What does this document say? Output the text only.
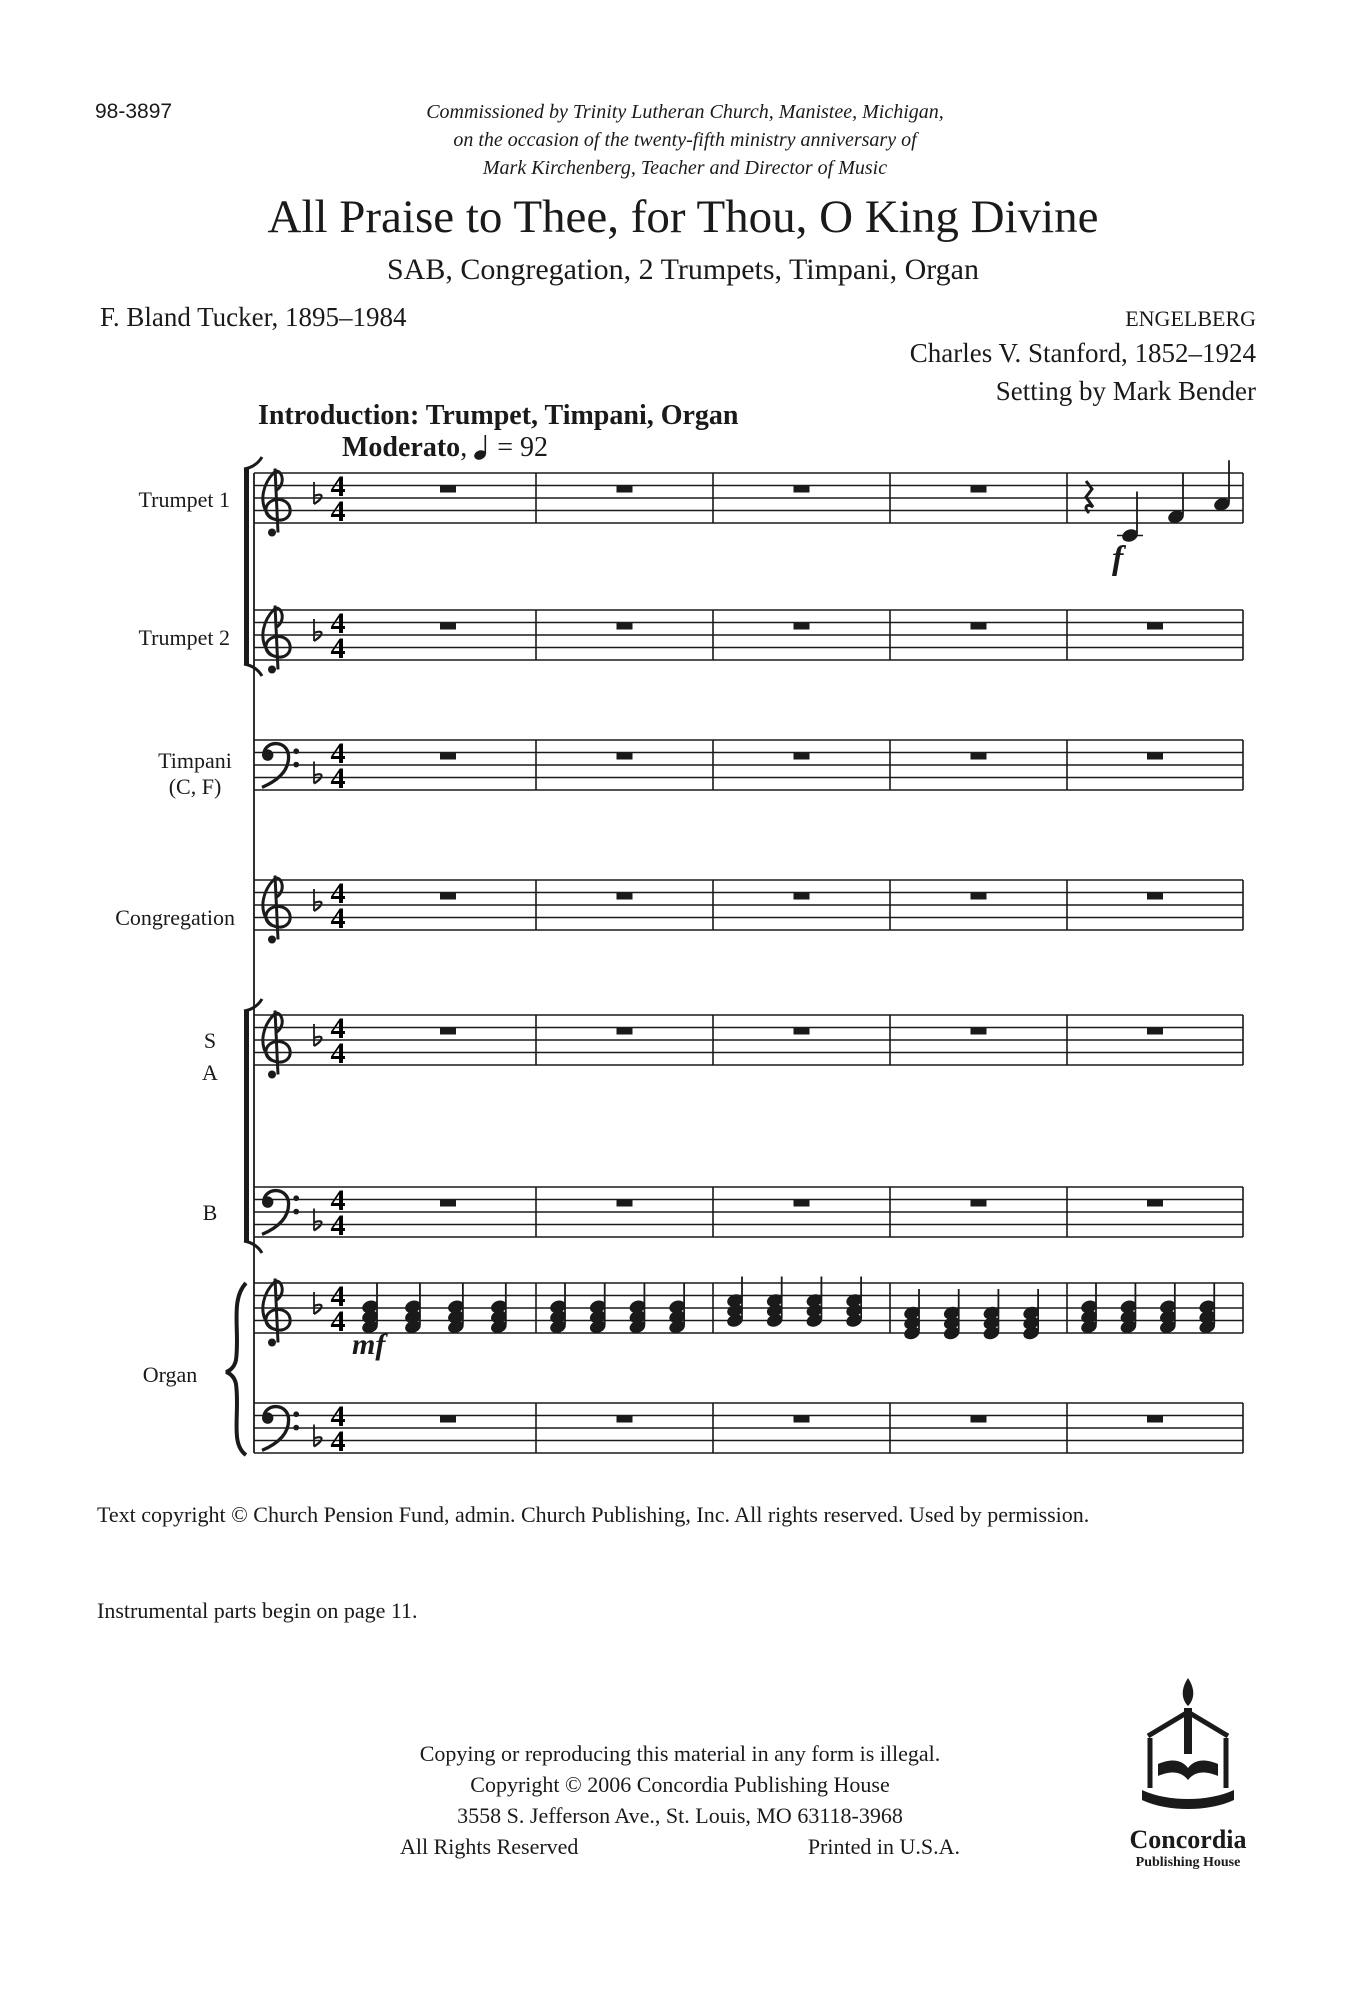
98-3897	Commissioned by Trinity Lutheran Church, Manistee, Michigan,
on the occasion of the twenty-fifth ministry anniversary of
Mark Kirchenberg, Teacher and Director of Music
All Praise to Thee, for Thou, O King Divine
SAB, Congregation, 2 Trumpets, Timpani, Organ
F. Bland Tucker, 1895–1984	ENGELBERG
Charles V. Stanford, 1852–1924
Setting by Mark Bender
Introduction: Trumpet, Timpani, Organ
Moderato,  = 92
Trumpet 1
Trumpet 2
Timpani
(C, F)
Congregation
S
A
B
Organ
4
4
4
4
4
4
4
4
4
4
4
4
4
4
4
4
f
mf
Text copyright © Church Pension Fund, admin. Church Publishing, Inc. All rights reserved. Used by permission.
Instrumental parts begin on page 11.
Copying or reproducing this material in any form is illegal.
Copyright © 2006 Concordia Publishing House
3558 S. Jefferson Ave., St. Louis, MO 63118-3968
All Rights Reserved	Printed in U.S.A.	Concordia
Publishing House
